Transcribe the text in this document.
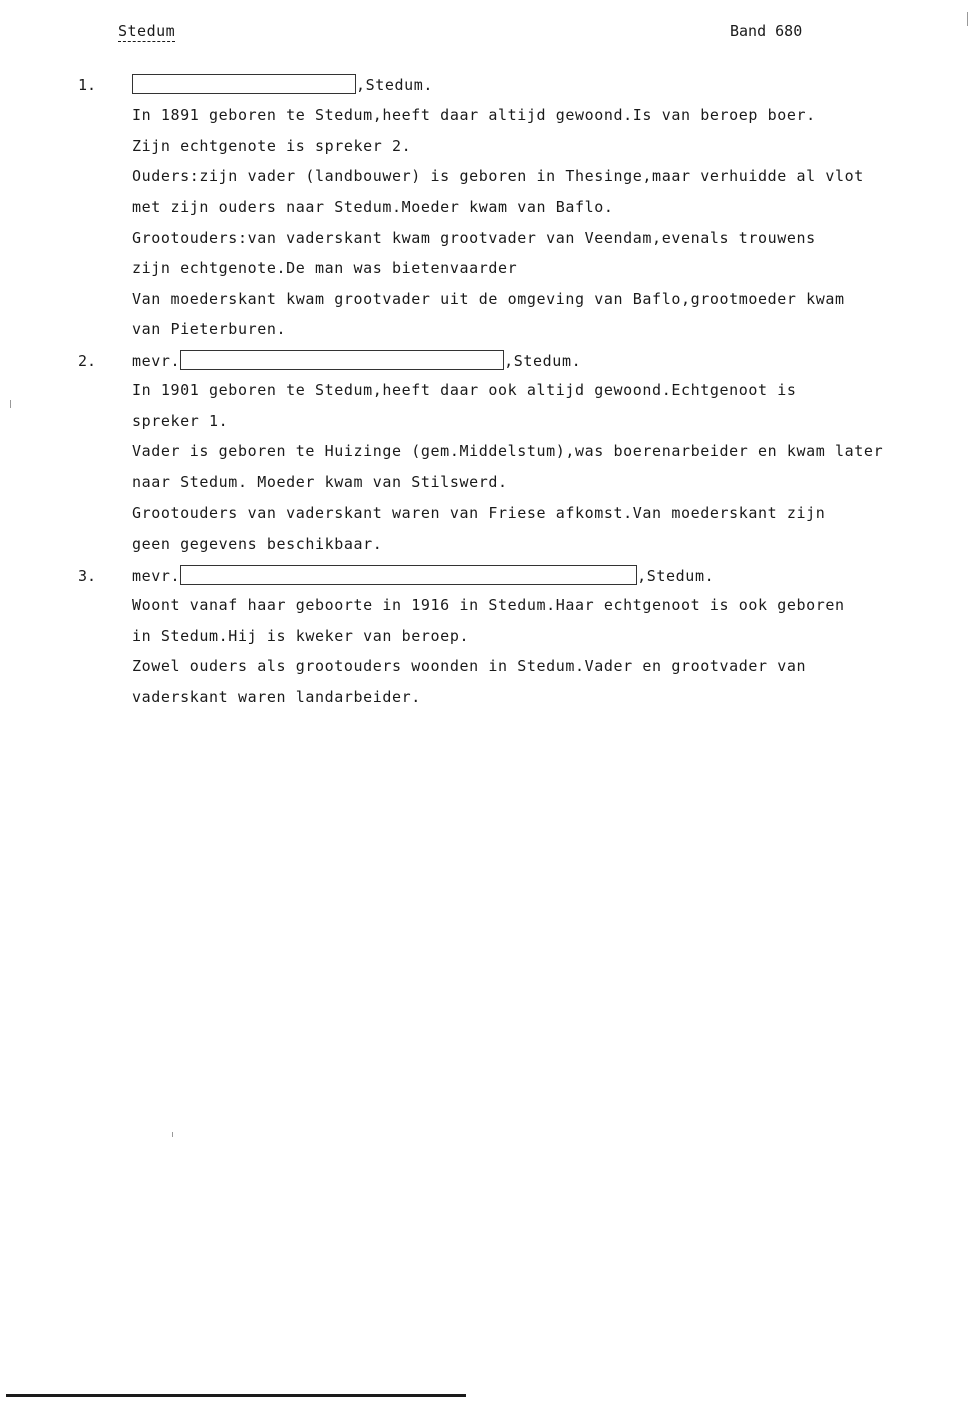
Stedum	Band 680
1.	,Stedum.
In 1891 geboren te Stedum,heeft daar altijd gewoond.Is van beroep boer.
Zijn echtgenote is spreker 2.
Ouders:zijn vader (landbouwer) is geboren in Thesinge,maar verhuidde al vlot
met zijn ouders naar Stedum.Moeder kwam van Baflo.
Grootouders:van vaderskant kwam grootvader van Veendam,evenals trouwens
zijn echtgenote.De man was bietenvaarder
Van moederskant kwam grootvader uit de omgeving van Baflo,grootmoeder kwam
van Pieterburen.
2. mevr.	,Stedum.
In 1901 geboren te Stedum,heeft daar ook altijd gewoond.Echtgenoot is
spreker 1.
Vader is geboren te Huizinge (gem.Middelstum),was boerenarbeider en kwam later
naar Stedum. Moeder kwam van Stilswerd.
Grootouders van vaderskant waren van Friese afkomst.Van moederskant zijn
geen gegevens beschikbaar.
3. mevr.	,Stedum.
Woont vanaf haar geboorte in 1916 in Stedum.Haar echtgenoot is ook geboren
in Stedum.Hij is kweker van beroep.
Zowel ouders als grootouders woonden in Stedum.Vader en grootvader van
vaderskant waren landarbeider.
